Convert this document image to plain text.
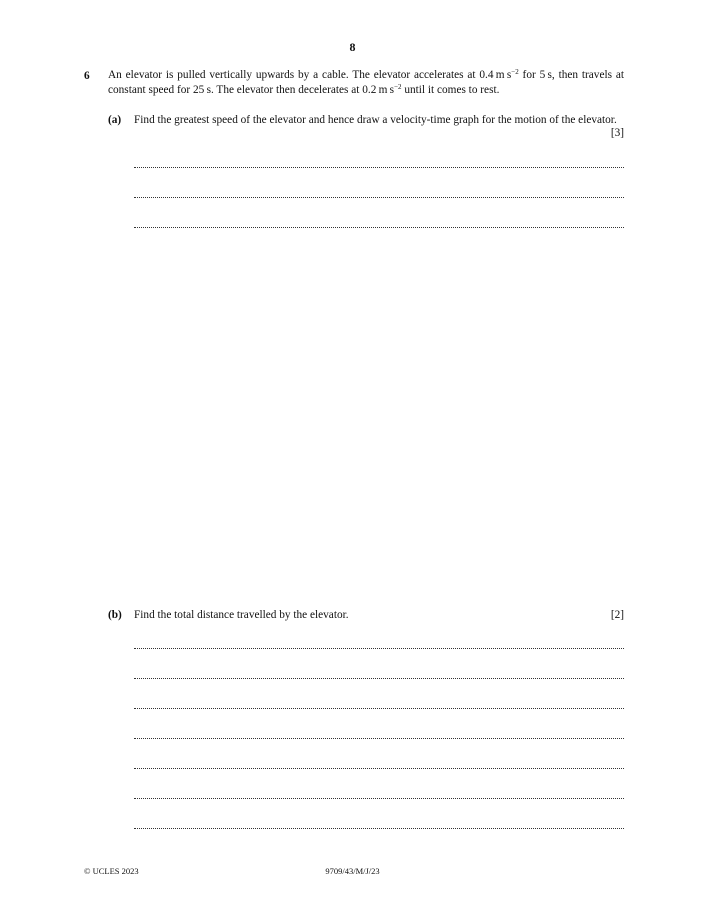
8
6 An elevator is pulled vertically upwards by a cable. The elevator accelerates at 0.4 m $s^{-2}$ for 5 s, then travels at constant speed for 25 s. The elevator then decelerates at 0.2 m $s^{-2}$ until it comes to rest.
(a) Find the greatest speed of the elevator and hence draw a velocity-time graph for the motion of the elevator.
[3]
(b) Find the total distance travelled by the elevator.	[2]
© UCLES 2023	9709/43/M/J/23
